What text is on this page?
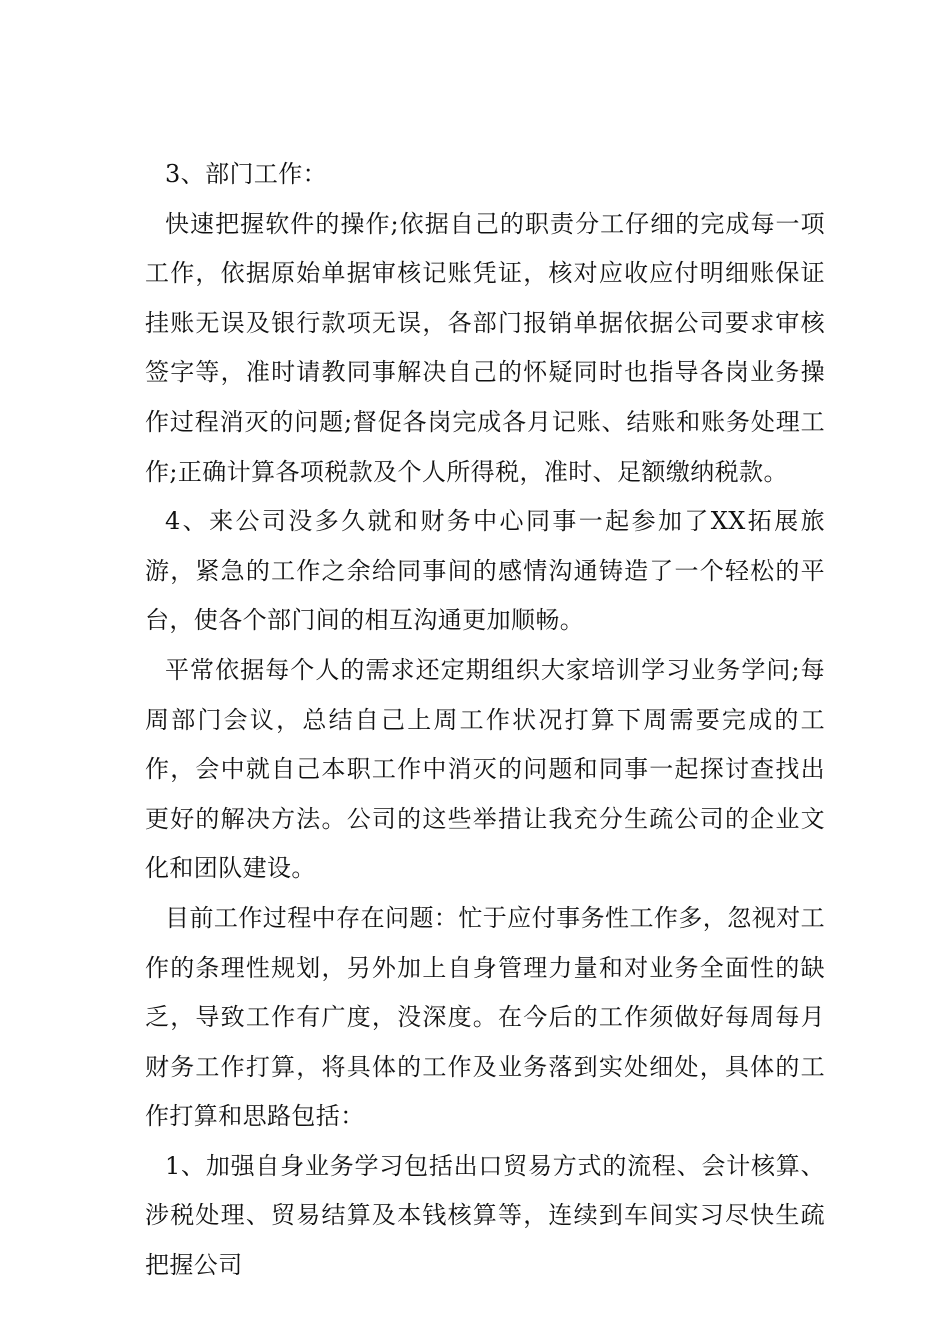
3、部门工作：

快速把握软件的操作;依据自己的职责分工仔细的完成每一项工作，依据原始单据审核记账凭证，核对应收应付明细账保证挂账无误及银行款项无误，各部门报销单据依据公司要求审核签字等，准时请教同事解决自己的怀疑同时也指导各岗业务操作过程消灭的问题;督促各岗完成各月记账、结账和账务处理工作;正确计算各项税款及个人所得税，准时、足额缴纳税款。

4、来公司没多久就和财务中心同事一起参加了XX拓展旅游，紧急的工作之余给同事间的感情沟通铸造了一个轻松的平台，使各个部门间的相互沟通更加顺畅。

平常依据每个人的需求还定期组织大家培训学习业务学问;每周部门会议，总结自己上周工作状况打算下周需要完成的工作，会中就自己本职工作中消灭的问题和同事一起探讨查找出更好的解决方法。公司的这些举措让我充分生疏公司的企业文化和团队建设。

目前工作过程中存在问题：忙于应付事务性工作多，忽视对工作的条理性规划，另外加上自身管理力量和对业务全面性的缺乏，导致工作有广度，没深度。在今后的工作须做好每周每月财务工作打算，将具体的工作及业务落到实处细处，具体的工作打算和思路包括：

1、加强自身业务学习包括出口贸易方式的流程、会计核算、涉税处理、贸易结算及本钱核算等，连续到车间实习尽快生疏把握公司
